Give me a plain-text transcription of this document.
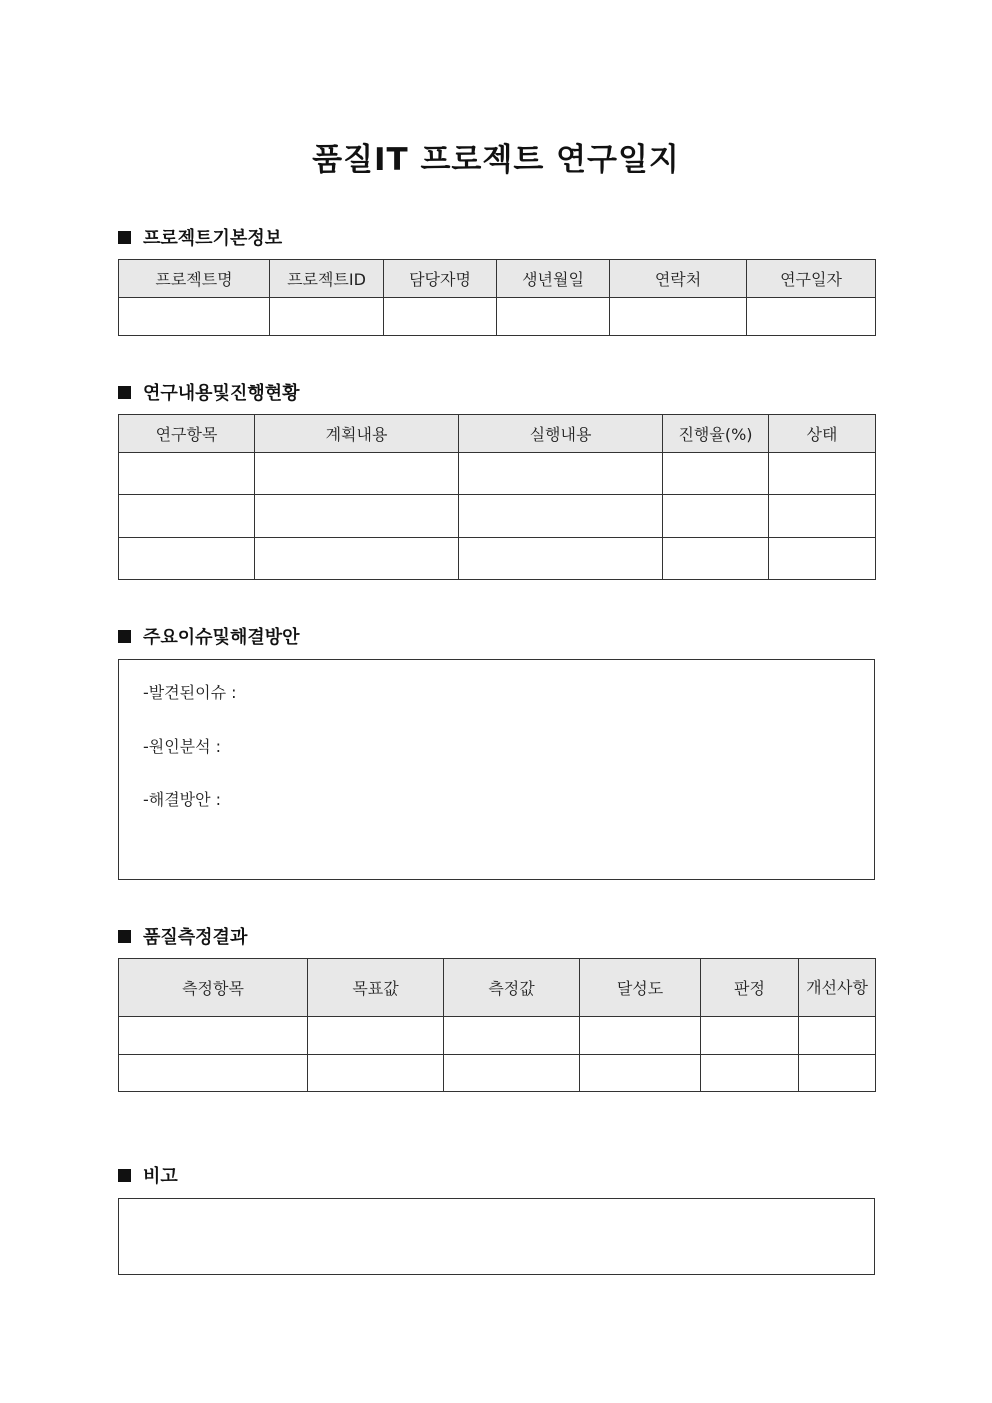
품질IT 프로젝트 연구일지
프로젝트기본정보
프로젝트명	프로젝트ID	담당자명	생년월일	연락처	연구일자

연구내용및진행현황
연구항목	계획내용	실행내용	진행율(%)	상태

주요이슈및해결방안
-발견된이슈 :
-원인분석 :
-해결방안 :
품질측정결과
측정항목	목표값	측정값	달성도	판정	개선사항

비고
